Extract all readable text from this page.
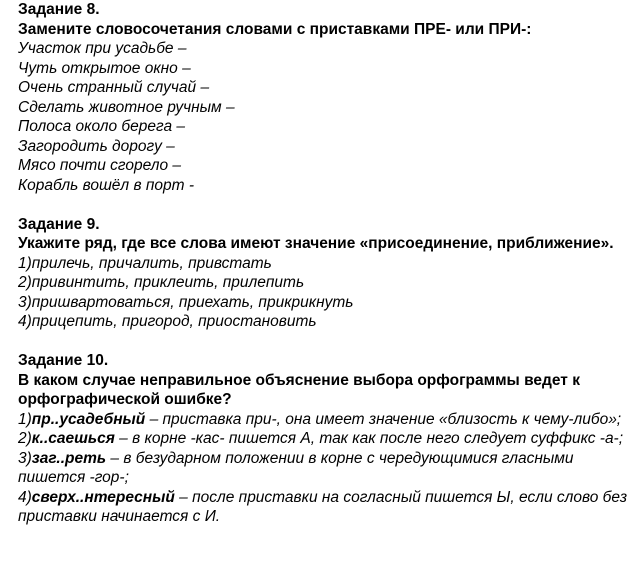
Задание 8.
Замените словосочетания словами с приставками ПРЕ- или ПРИ-:
Участок при усадьбе –
Чуть открытое окно –
Очень странный случай –
Сделать животное ручным –
Полоса около берега –
Загородить дорогу –
Мясо почти сгорело –
Корабль вошёл в порт -
Задание 9.
Укажите ряд, где все слова имеют значение «присоединение, приближение».
1)прилечь, причалить, привстать
2)привинтить, приклеить, прилепить
3)пришвартоваться, приехать, прикрикнуть
4)прицепить, пригород, приостановить
Задание 10.
В каком случае неправильное объяснение выбора орфограммы ведет к
орфографической ошибке?
1)пр..усадебный – приставка при-, она имеет значение «близость к чему-либо»;
2)к..саешься – в корне -кас- пишется А, так как после него следует суффикс -а-;
3)заг..реть – в безударном положении в корне с чередующимися гласными
пишется -гор-;
4)сверх..нтересный – после приставки на согласный пишется Ы, если слово без
приставки начинается с И.
